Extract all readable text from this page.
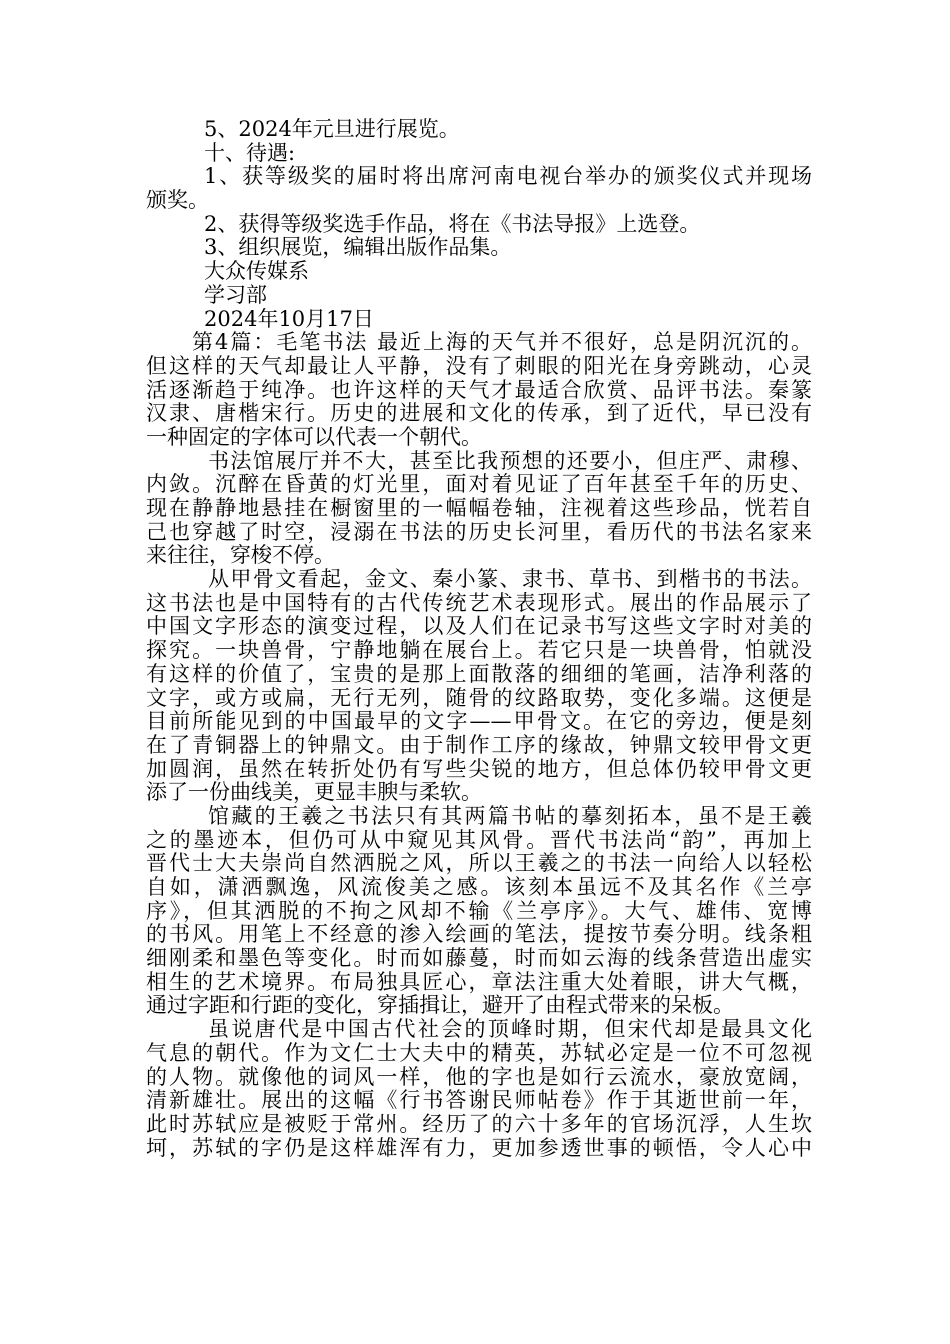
5、2024年元旦进行展览。
十、待遇:
1、获等级奖的届时将出席河南电视台举办的颁奖仪式并现场
颁奖。
2、获得等级奖选手作品，将在《书法导报》上选登。
3、组织展览，编辑出版作品集。
大众传媒系
学习部
2024年10月17日
第4篇：毛笔书法 最近上海的天气并不很好，总是阴沉沉的。
但这样的天气却最让人平静，没有了刺眼的阳光在身旁跳动，心灵
活逐渐趋于纯净。也许这样的天气才最适合欣赏、品评书法。秦篆
汉隶、唐楷宋行。历史的进展和文化的传承，到了近代，早已没有
一种固定的字体可以代表一个朝代。
书法馆展厅并不大，甚至比我预想的还要小，但庄严、肃穆、
内敛。沉醉在昏黄的灯光里，面对着见证了百年甚至千年的历史、
现在静静地悬挂在橱窗里的一幅幅卷轴，注视着这些珍品，恍若自
己也穿越了时空，浸溺在书法的历史长河里，看历代的书法名家来
来往往，穿梭不停。
从甲骨文看起，金文、秦小篆、隶书、草书、到楷书的书法。
这书法也是中国特有的古代传统艺术表现形式。展出的作品展示了
中国文字形态的演变过程，以及人们在记录书写这些文字时对美的
探究。一块兽骨，宁静地躺在展台上。若它只是一块兽骨，怕就没
有这样的价值了，宝贵的是那上面散落的细细的笔画，洁净利落的
文字，或方或扁，无行无列，随骨的纹路取势，变化多端。这便是
目前所能见到的中国最早的文字——甲骨文。在它的旁边，便是刻
在了青铜器上的钟鼎文。由于制作工序的缘故，钟鼎文较甲骨文更
加圆润，虽然在转折处仍有写些尖锐的地方，但总体仍较甲骨文更
添了一份曲线美，更显丰腴与柔软。
馆藏的王羲之书法只有其两篇书帖的摹刻拓本，虽不是王羲
之的墨迹本，但仍可从中窥见其风骨。晋代书法尚“韵”，再加上
晋代士大夫崇尚自然洒脱之风，所以王羲之的书法一向给人以轻松
自如，潇洒飘逸，风流俊美之感。该刻本虽远不及其名作《兰亭
序》，但其洒脱的不拘之风却不输《兰亭序》。大气、雄伟、宽博
的书风。用笔上不经意的渗入绘画的笔法，提按节奏分明。线条粗
细刚柔和墨色等变化。时而如藤蔓，时而如云海的线条营造出虚实
相生的艺术境界。布局独具匠心，章法注重大处着眼，讲大气概，
通过字距和行距的变化，穿插揖让，避开了由程式带来的呆板。
虽说唐代是中国古代社会的顶峰时期，但宋代却是最具文化
气息的朝代。作为文仁士大夫中的精英，苏轼必定是一位不可忽视
的人物。就像他的词风一样，他的字也是如行云流水，豪放宽阔，
清新雄壮。展出的这幅《行书答谢民师帖卷》作于其逝世前一年，
此时苏轼应是被贬于常州。经历了的六十多年的官场沉浮，人生坎
坷，苏轼的字仍是这样雄浑有力，更加参透世事的顿悟，令人心中
